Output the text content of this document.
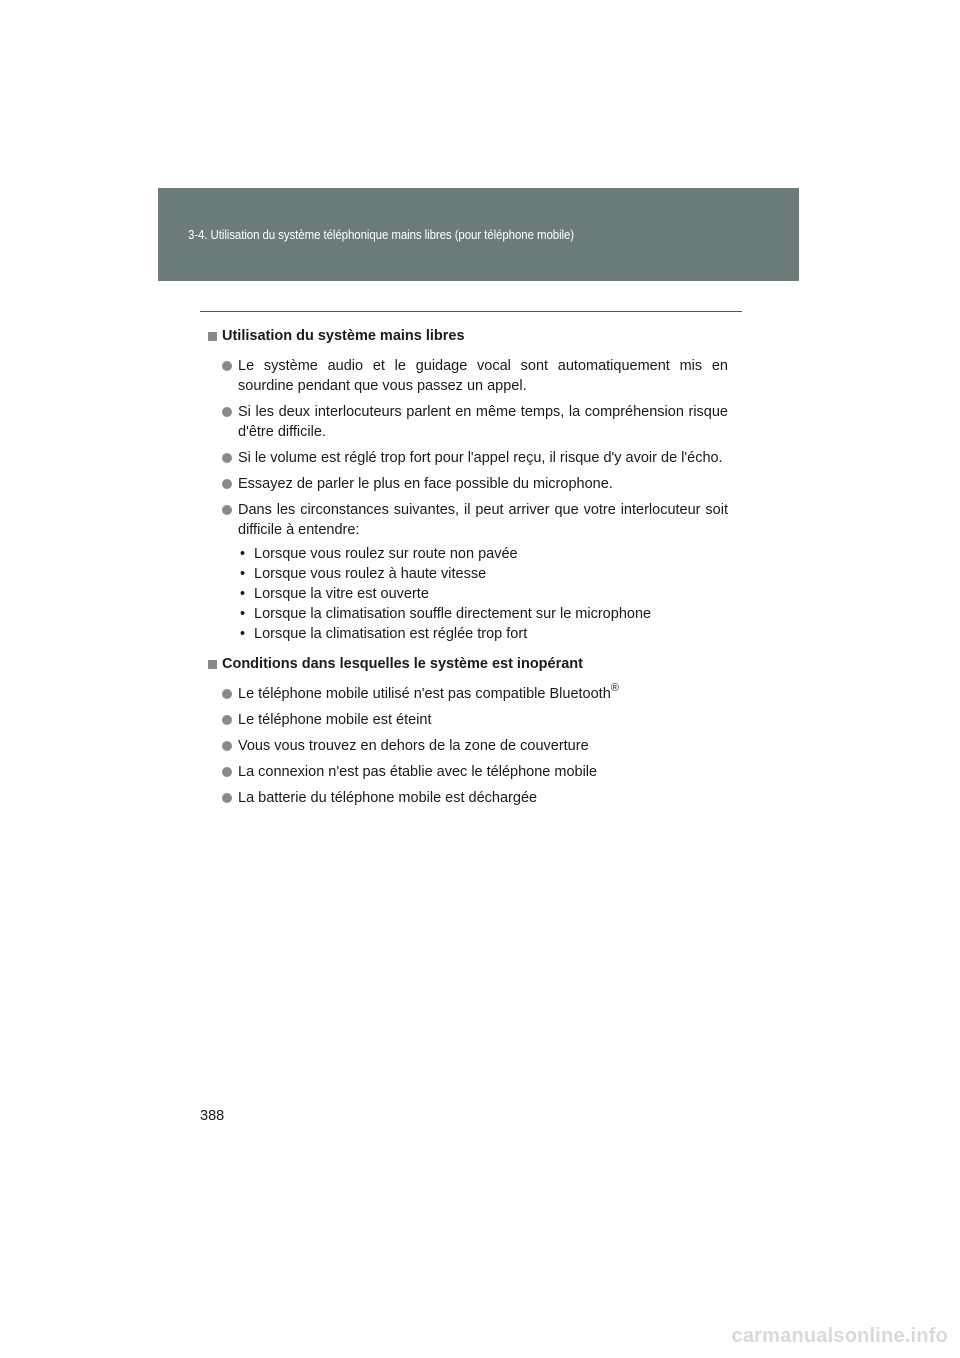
3-4. Utilisation du système téléphonique mains libres (pour téléphone mobile)
Utilisation du système mains libres
Le système audio et le guidage vocal sont automatiquement mis en sourdine pendant que vous passez un appel.
Si les deux interlocuteurs parlent en même temps, la compréhension risque d'être difficile.
Si le volume est réglé trop fort pour l'appel reçu, il risque d'y avoir de l'écho.
Essayez de parler le plus en face possible du microphone.
Dans les circonstances suivantes, il peut arriver que votre interlocuteur soit difficile à entendre:
• Lorsque vous roulez sur route non pavée
• Lorsque vous roulez à haute vitesse
• Lorsque la vitre est ouverte
• Lorsque la climatisation souffle directement sur le microphone
• Lorsque la climatisation est réglée trop fort
Conditions dans lesquelles le système est inopérant
Le téléphone mobile utilisé n'est pas compatible Bluetooth®
Le téléphone mobile est éteint
Vous vous trouvez en dehors de la zone de couverture
La connexion n'est pas établie avec le téléphone mobile
La batterie du téléphone mobile est déchargée
388
carmanualsonline.info
